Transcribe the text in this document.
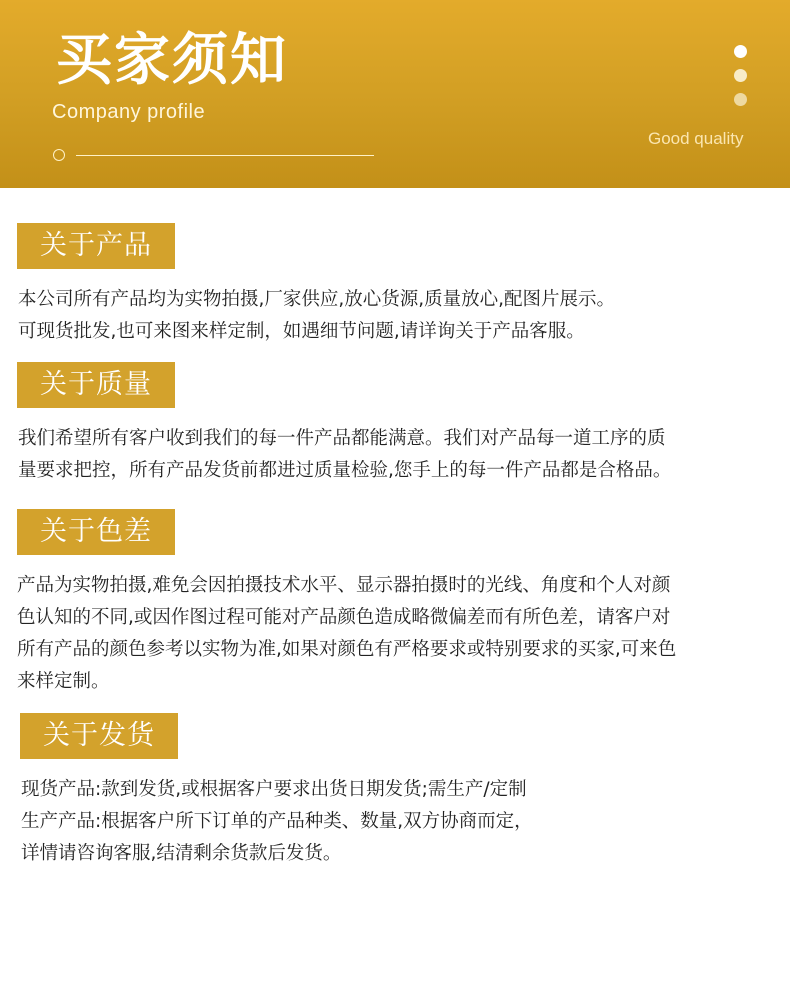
买家须知
Company profile
Good quality
关于产品

本公司所有产品均为实物拍摄,厂家供应,放心货源,质量放心,配图片展示。

可现货批发,也可来图来样定制，如遇细节问题,请详询关于产品客服。

关于质量

我们希望所有客户收到我们的每一件产品都能满意。我们对产品每一道工序的质

量要求把控，所有产品发货前都进过质量检验,您手上的每一件产品都是合格品。

关于色差

产品为实物拍摄,难免会因拍摄技术水平、显示器拍摄时的光线、角度和个人对颜

色认知的不同,或因作图过程可能对产品颜色造成略微偏差而有所色差，请客户对

所有产品的颜色参考以实物为准,如果对颜色有严格要求或特别要求的买家,可来色

来样定制。

关于发货

现货产品:款到发货,或根据客户要求出货日期发货;需生产/定制

生产产品:根据客户所下订单的产品种类、数量,双方协商而定，

详情请咨询客服,结清剩余货款后发货。
